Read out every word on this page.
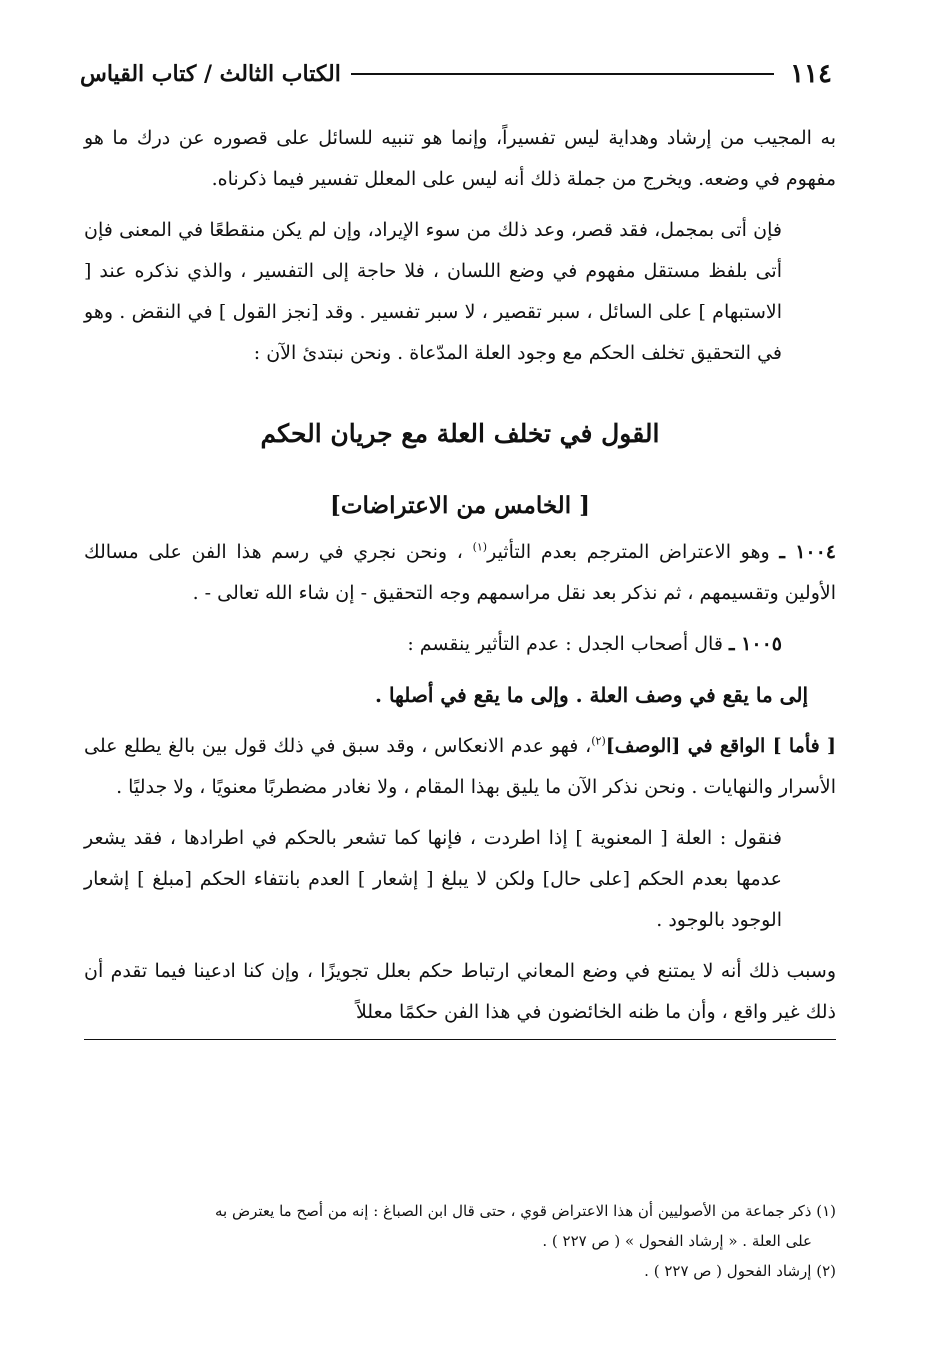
١١٤
الكتاب الثالث / كتاب القياس

به المجيب من إرشاد وهداية ليس تفسيراً، وإنما هو تنبيه للسائل على قصوره عن درك ما هو مفهوم في وضعه. ويخرج من جملة ذلك أنه ليس على المعلل تفسير فيما ذكرناه.

فإن أتى بمجمل، فقد قصر، وعد ذلك من سوء الإيراد، وإن لم يكن منقطعًا في المعنى فإن أتى بلفظ مستقل مفهوم في وضع اللسان ، فلا حاجة إلى التفسير ، والذي نذكره عند [ الاستبهام ] على السائل ، سبر تقصير ، لا سبر تفسير . وقد [نجز القول ] في النقض . وهو في التحقيق تخلف الحكم مع وجود العلة المدّعاة . ونحن نبتدئ الآن :

القول في تخلف العلة مع جريان الحكم
[ الخامس من الاعتراضات]

١٠٠٤ ـ وهو الاعتراض المترجم بعدم التأثير$^{(١)}$ ، ونحن نجري في رسم هذا الفن على مسالك الأولين وتقسيمهم ، ثم نذكر بعد نقل مراسمهم وجه التحقيق - إن شاء الله تعالى - .

١٠٠٥ ـ قال أصحاب الجدل : عدم التأثير ينقسم :

إلى ما يقع في وصف العلة . وإلى ما يقع في أصلها .

[ فأما ] الواقع في [الوصف]$^{(٢)}$، فهو عدم الانعكاس ، وقد سبق في ذلك قول بين بالغ يطلع على الأسرار والنهايات . ونحن نذكر الآن ما يليق بهذا المقام ، ولا نغادر مضطربًا معنويًا ، ولا جدليًا .

فنقول : العلة [ المعنوية ] إذا اطردت ، فإنها كما تشعر بالحكم في اطرادها ، فقد يشعر عدمها بعدم الحكم [على حال] ولكن لا يبلغ [ إشعار ] العدم بانتفاء الحكم [مبلغ ] إشعار الوجود بالوجود .

وسبب ذلك أنه لا يمتنع في وضع المعاني ارتباط حكم بعلل تجويزًا ، وإن كنا ادعينا فيما تقدم أن ذلك غير واقع ، وأن ما ظنه الخائضون في هذا الفن حكمًا معللاً

(١) ذكر جماعة من الأصوليين أن هذا الاعتراض قوي ، حتى قال ابن الصباغ : إنه من أصح ما يعترض به

على العلة . « إرشاد الفحول » ( ص ٢٢٧ ) .

(٢) إرشاد الفحول ( ص ٢٢٧ ) .
